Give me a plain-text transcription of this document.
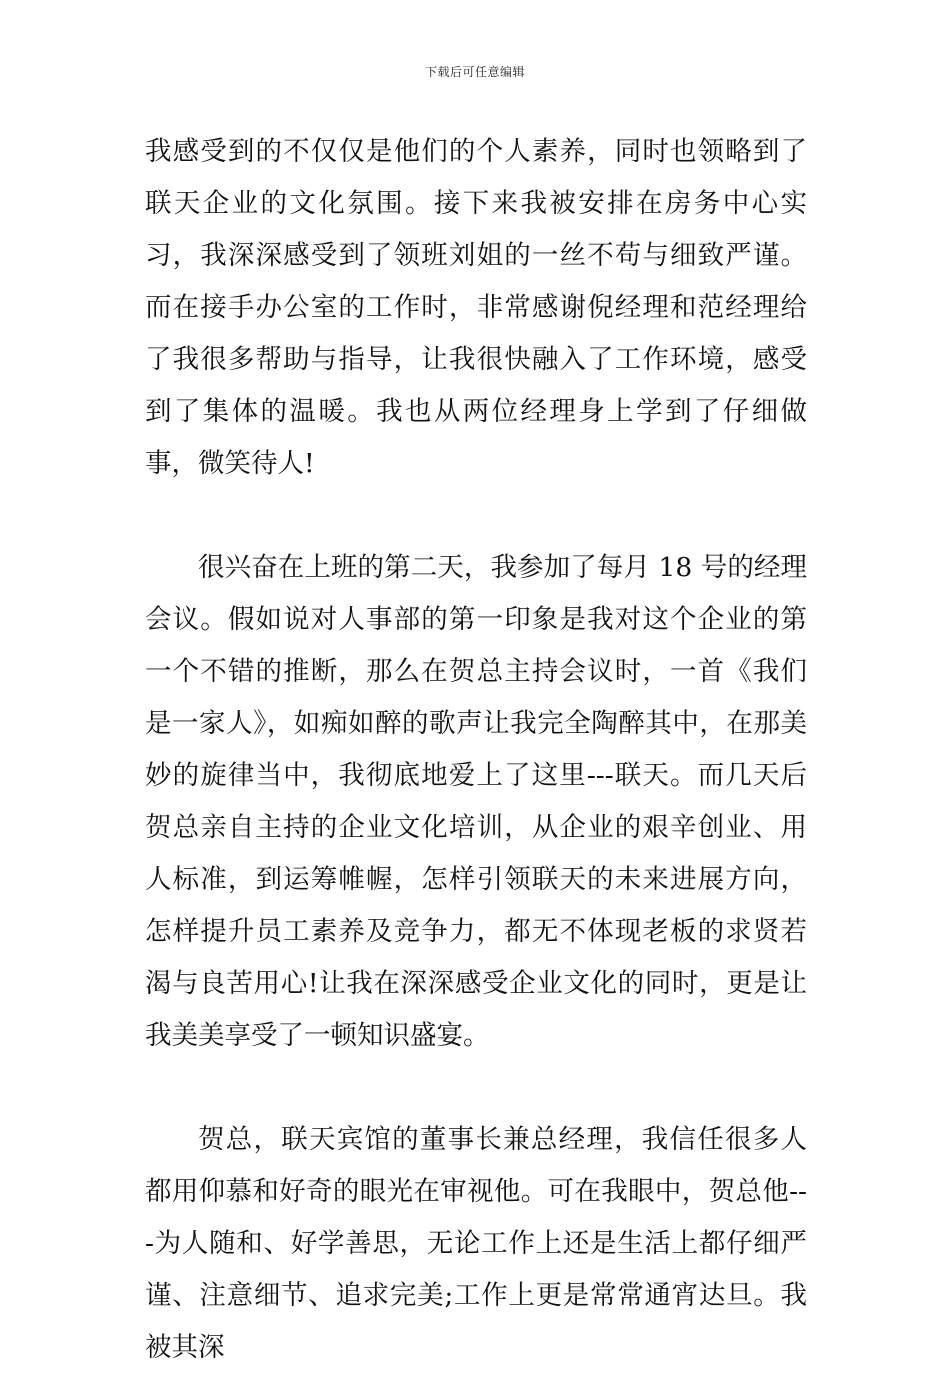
下载后可任意编辑

我感受到的不仅仅是他们的个人素养，同时也领略到了联天企业的文化氛围。接下来我被安排在房务中心实习，我深深感受到了领班刘姐的一丝不苟与细致严谨。而在接手办公室的工作时，非常感谢倪经理和范经理给了我很多帮助与指导，让我很快融入了工作环境，感受到了集体的温暖。我也从两位经理身上学到了仔细做事，微笑待人!

很兴奋在上班的第二天，我参加了每月 18 号的经理会议。假如说对人事部的第一印象是我对这个企业的第一个不错的推断，那么在贺总主持会议时，一首《我们是一家人》，如痴如醉的歌声让我完全陶醉其中，在那美妙的旋律当中，我彻底地爱上了这里---联天。而几天后贺总亲自主持的企业文化培训，从企业的艰辛创业、用人标准，到运筹帷幄，怎样引领联天的未来进展方向，怎样提升员工素养及竞争力，都无不体现老板的求贤若渴与良苦用心!让我在深深感受企业文化的同时，更是让我美美享受了一顿知识盛宴。

贺总，联天宾馆的董事长兼总经理，我信任很多人都用仰慕和好奇的眼光在审视他。可在我眼中，贺总他---为人随和、好学善思，无论工作上还是生活上都仔细严谨、注意细节、追求完美;工作上更是常常通宵达旦。我被其深
